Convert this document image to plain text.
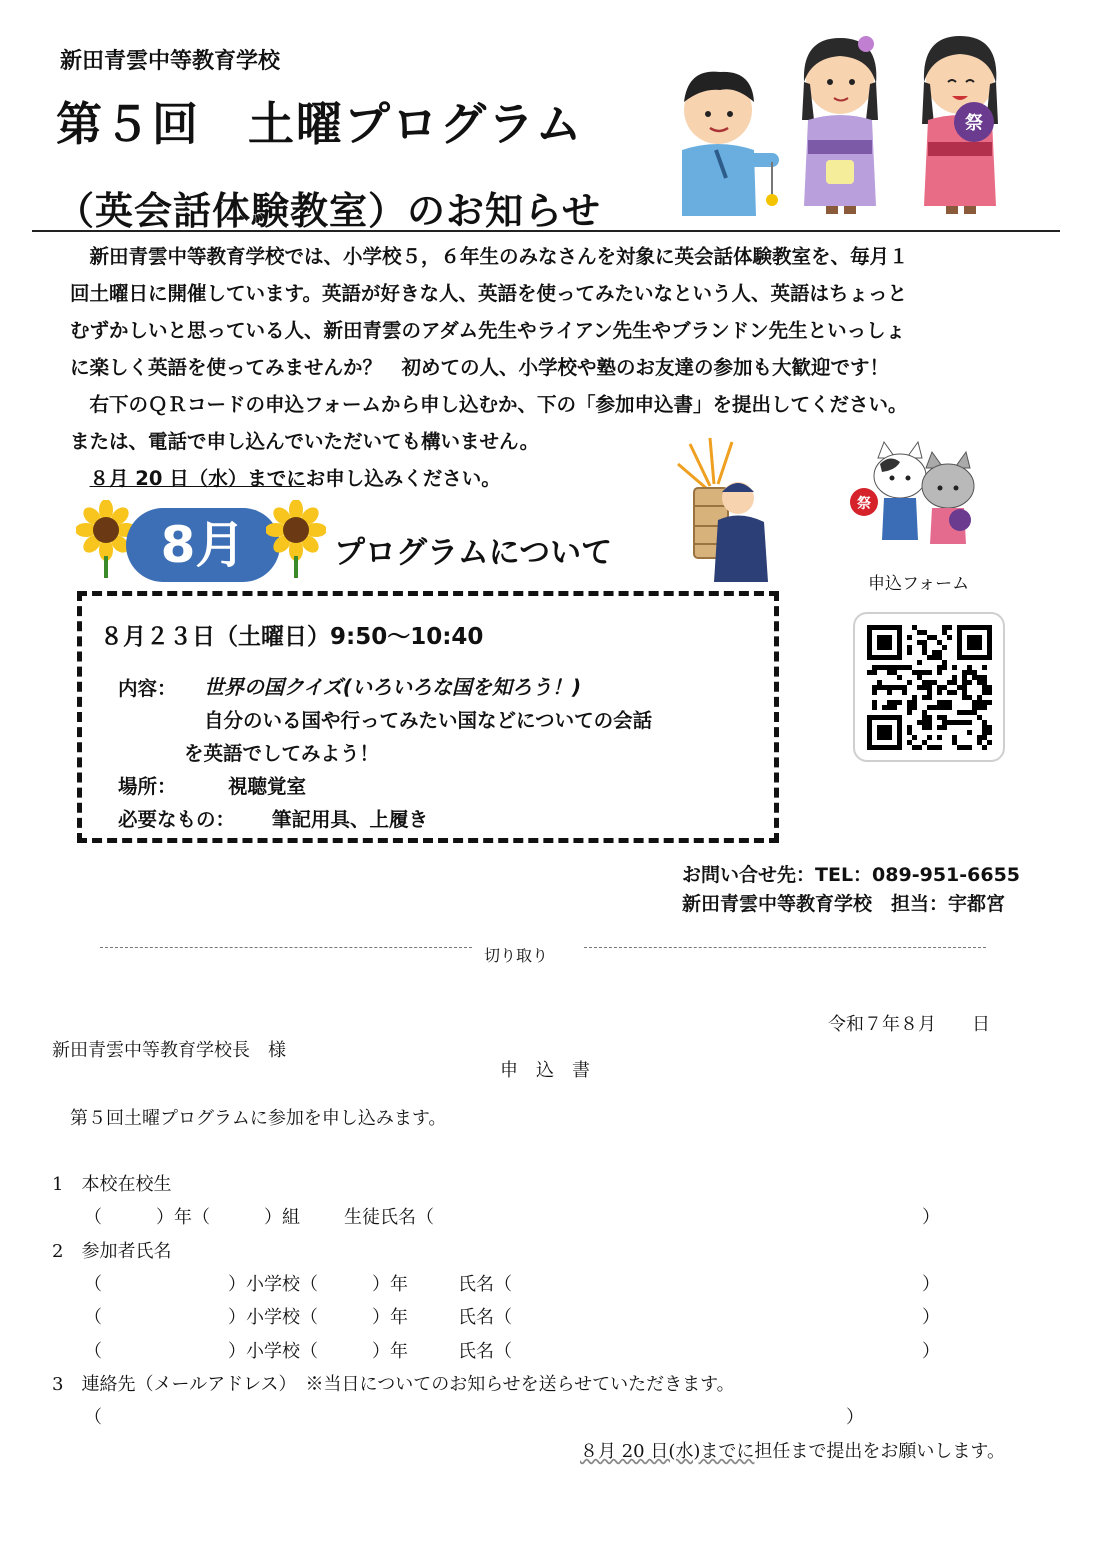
新田青雲中等教育学校
第５回　土曜プログラム
（英会話体験教室）のお知らせ
祭

　新田青雲中等教育学校では、小学校５，６年生のみなさんを対象に英会話体験教室を、毎月１

回土曜日に開催しています。英語が好きな人、英語を使ってみたいなという人、英語はちょっと

むずかしいと思っている人、新田青雲のアダム先生やライアン先生やブランドン先生といっしょ

に楽しく英語を使ってみませんか？　初めての人、小学校や塾のお友達の参加も大歓迎です！

　右下のＱＲコードの申込フォームから申し込むか、下の「参加申込書」を提出してください。

または、電話で申し込んでいただいても構いません。

　８月 20 日（水）までにお申し込みください。

8月	プログラムについて
祭
申込フォーム
８月２３日（土曜日）9:50～10:40
内容： 世界の国クイズ(いろいろな国を知ろう！)
自分のいる国や行ってみたい国などについての会話
を英語でしてみよう！
場所：	視聴覚室
必要なもの： 筆記用具、上履き
お問い合せ先：TEL：089-951-6655
新田青雲中等教育学校　担当：宇都宮
切り取り
令和７年８月　　日
新田青雲中等教育学校長　様
申　込　書
第５回土曜プログラムに参加を申し込みます。
1　本校在校生
（　　　）年（　　　）組 生徒氏名（	）
2　参加者氏名
（　　　　　　　）小学校（　　　）年	氏名（	）
（　　　　　　　）小学校（　　　）年	氏名（	）
（　　　　　　　）小学校（　　　）年	氏名（	）
3　連絡先（メールアドレス）　※当日についてのお知らせを送らせていただきます。
（	）
８月 20 日(水)までに担任まで提出をお願いします。
